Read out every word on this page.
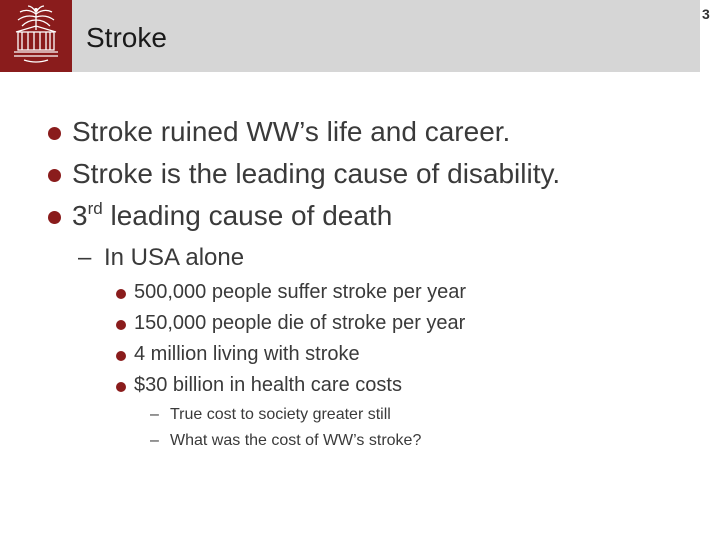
Stroke
3
Stroke ruined WW’s life and career.
Stroke is the leading cause of disability.
3rd leading cause of death
– In USA alone
500,000 people suffer stroke per year
150,000 people die of stroke per year
4 million living with stroke
$30 billion in health care costs
– True cost to society greater still
– What was the cost of WW’s stroke?
